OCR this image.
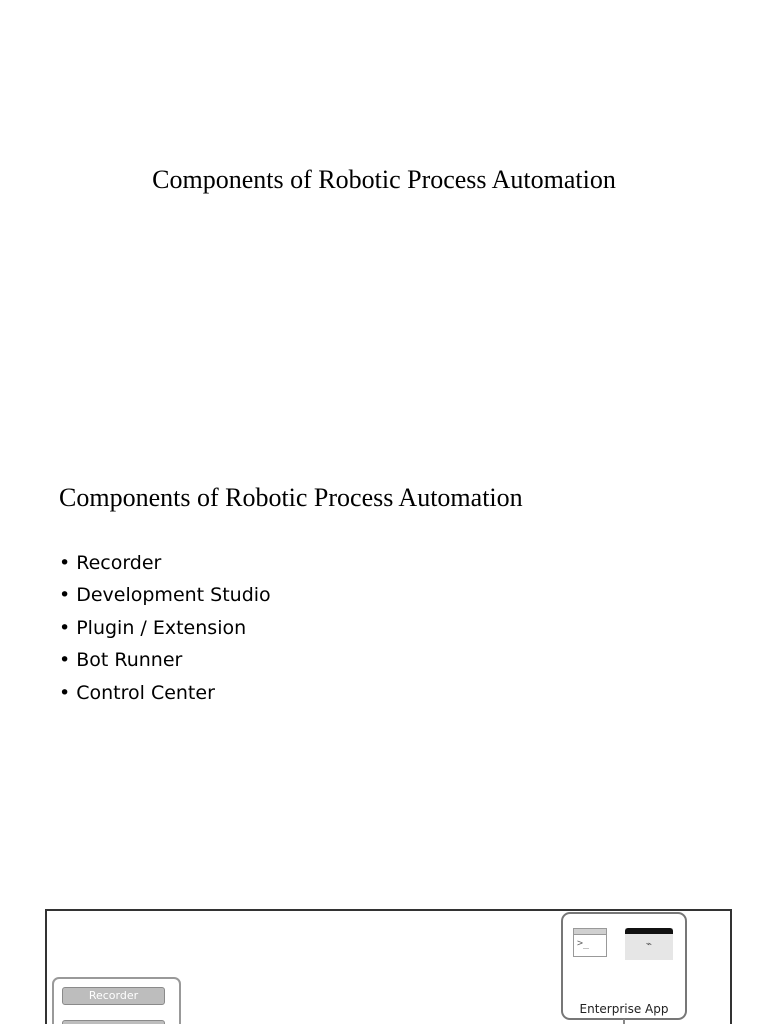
Components of Robotic Process Automation
Components of Robotic Process Automation
• Recorder
• Development Studio
• Plugin / Extension
• Bot Runner
• Control Center
Recorder
>_	⌁
Enterprise App
